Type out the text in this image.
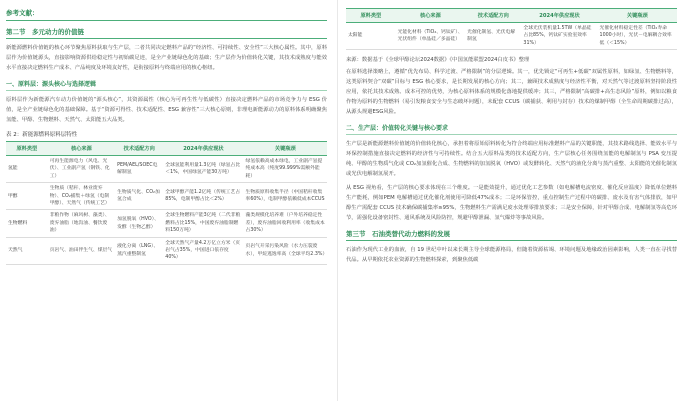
参考文献：
第二节　多元动力的价值链

新能源燃料价值链的核心环节聚焦原料获取与生产层，二者共同决定燃料产品的“经济性、可持续性、安全性”三大核心属性。其中，原料层作为价值链源头，直接影响资源供给稳定性与初始碳足迹，是全产业链绿色化的基础；生产层作为价值转化关键，其技术成熟度与能效水平直接决定燃料生产成本、产品纯度及环境友好性，是衔接原料与终端应用的核心枢纽。

一、原料层：源头核心与选择逻辑

原料层作为新能源汽车动力价值链的“源头核心”，其资源属性（核心为可再生性与低碳性）直接决定燃料产品的市场竞争力与 ESG 价值，是全产业链绿色化的基础保障。基于“资源可得性、技术适配性、ESG 兼容性”三大核心原则，非理电新能源动力的原料体系明确聚焦氢能、甲醇、生物燃料、天然气、太阳能五大品类。

表 2：新能源燃料原料层特性
原料类型	核心来源	技术适配方向	2024年供应现状	关键瓶颈
氢能	可再生能源电力（风电、光伏）、工业副产氢（钢铁、化工）	PEM/AEL/SOEC电解制氢	全球氢能利用量1.3亿吨（绿氢占比＜1%，中国绿氢产能30万吨）	绿氢依赖高成本绿电，工业副产氢提纯成本高（纯度99.999%需额外能耗）
甲醇	生物质（秸秆、林业废弃物）、CO₂捕集＋绿氢（电制甲醇）、天然气（传统工艺）	生物质气化、CO₂加氢合成	全球甲醇产能1.2亿吨（传统工艺占85%，电制甲醇占比＜2%）	生物质原料收集半径（中国秸秆收集率60%），电制甲醇依赖低成本CCUS
生物燃料	非粮作物（麻风树、藻类）、废弃油脂（地沟油、餐饮废油）	加氢脱氧（HVO）、发酵（生物乙醇）	全球生物燃料产能3亿吨（二代非粮燃料占比15%，中国废弃油脂制燃料150万吨）	藻类规模化培养难（户外培养稳定性差），废弃油脂回收利用率（收集成本占30%）
天然气	页岩气、油田伴生气、煤层气	液化分离（LNG）、蒸汽重整制氢	全球天然气产量4.2万亿立方米（页岩气占35%，中国进口依存度40%）	页岩气开采污染风险（水力压裂废水），甲烷逃逸率高（全球平均2.3%）
原料类型	核心来源	技术适配方向	2024年供应现状	关键瓶颈
太阳能	光能化材料（TiO₂、钙钛矿）、光伏组件（单晶硅／多晶硅）	光催化制氢、光伏电解制氢	全球光伏装机量1.5TW（单晶硅占比85%，钙钛矿实验室效率31%）	光催化材料稳定性差（TiO₂寿命1000小时），光伏－电解耦合效率低（＜15%）
来源：数据基于《全球甲醇论坛2024数据》《中国氢能联盟2024白皮书》整理

在原料选择策略上，遵循“优先布局、科学过渡、严格限制”的分层逻辑。其一，优先锁定“可再生+低碳”双属性原料，如绿氢、生物燃料等，这类原料契合“双碳”目标与 ESG 核心要求，是长期发展的核心方向；其二，兼顾技术成熟度与经济性平衡，对天然气等过渡原料坚持阶段性应用，依托其技术成熟、成本可控的优势，为核心原料体系的规模化落地提供缓冲；其三，严格限制“高碳排+高生态风险”原料，例如以粮食作物为原料的生物燃料（易引发粮食安全与生态破坏问题），未配套 CCUS（碳捕获、利用与封存）技术的煤制甲醇（全生命周期碳排过高），从源头规避ESG风险。

二、生产层：价值转化关键与核心要求

生产层是新能源燃料价值链的价值转化核心，承担着将原始原料转化为符合终端应用标准燃料产品的关键职能，其技术路线选择、能效水平与环保控制措施直接决定燃料的经济性与可持续性。结合五大原料品类的技术适配方向，生产层核心任务围绕氢能的电解制氢与 PSA 变压提纯、甲醇的生物质气化或 CO₂加氢催化合成、生物燃料的加氢脱氧（HVO）或发酵转化、天然气的液化分离与蒸汽重整、太阳能的光催化制氢或光伏电解制氢展开。

从 ESG 视角看，生产层的核心要求体现在三个维度。一是能效提升，通过优化工艺参数（如电解槽电流密度、催化反应温度）降低单位燃料生产能耗，例如PEM 电解槽通过优化催化剂使用可降低47%成本；二是环保管控，重点控制生产过程中的碳排、废水及有害气体排放，如甲醇生产需配套 CCUS 技术确保碳捕集率≥95%，生物燃料生产需满足废水处理零排放要求；三是安全保障，针对甲醇合成、电解制氢等高危环节，需强化设备密封性、通风系统及风险防控，规避甲醇泄漏、氢气爆炸等事故风险。

第三节　石油类替代动力燃料的发展

石油作为现代工业的血液，自 19 世纪中叶以来长期主导全球能源格局，但随着资源枯竭、环境问题及地缘政治因素影响，人类一直在寻找替代品。从早期依托农业资源的生物燃料探索，到聚焦低碳
